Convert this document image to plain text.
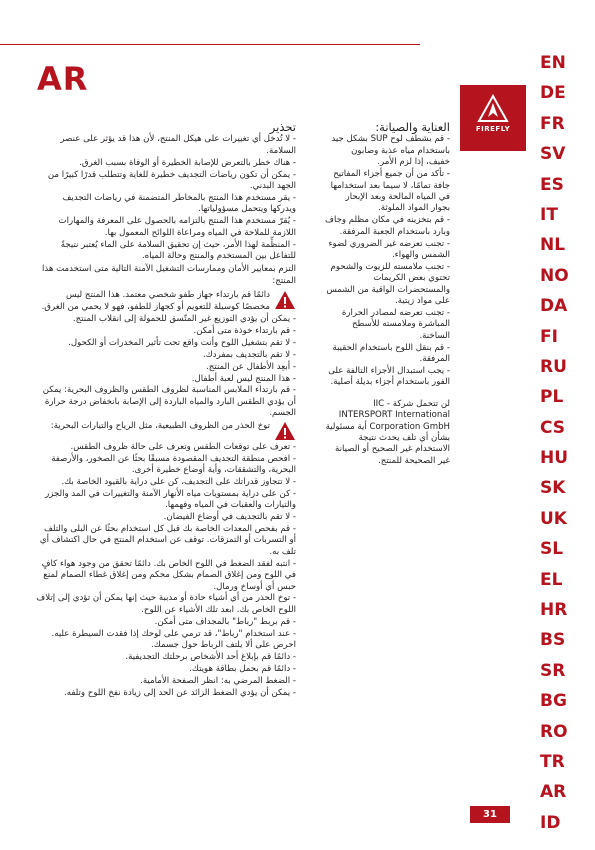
AR	EN
DE
FR
SV
ES
IT
NL
NO
DA
FI
RU
PL
CS
HU
SK
UK
SL
EL
HR
BS
SR
BG
RO
TR
AR
ID
FIREFLY
العناية والصيانة:
- قم بشطف لوح SUP بشكل جيد باستخدام مياه عذبة وصابون خفيف، إذا لزم الأمر.
- تأكد من أن جميع أجزاء المفاتيح جافة تمامًا، لا سيما بعد استخدامها في المياه المالحة وبعد الإبحار بجوار المواد الملوثة.
- قم بتخزينه في مكان مظلم وجاف وبارد باستخدام الجعبة المرفقة.
- تجنب تعرضه غير الضروري لضوء الشمس والهواء.
- تجنب ملامسته للزيوت والشحوم تحتوي بعض الكريمات والمستحضرات الواقية من الشمس على مواد زيتية.
- تجنب تعرضه لمصادر الحرارة المباشرة وملامسته للأسطح الساخنة.
- قم بنقل اللوح باستخدام الحقيبة المرفقة.
- يجب استبدال الأجزاء التالفة على الفور باستخدام أجزاء بديلة أصلية.
لن تتحمل شركة IIC - INTERSPORT International Corporation GmbH أية مسئولية بشأن أي تلف يحدث نتيجة الاستخدام غير الصحيح أو الصيانة غير الصحيحة للمنتج.
تحذير
- لا تُدخل أي تغييرات على هيكل المنتج، لأن هذا قد يؤثر على عنصر السلامة.
- هناك خطر بالتعرض للإصابة الخطيرة أو الوفاة بسبب الغرق.
- يمكن أن تكون رياضات التجديف خطيرة للغاية وتتطلب قدرًا كبيرًا من الجهد البدني.
- يقر مستخدم هذا المنتج بالمخاطر المتضمنة في رياضات التجديف ويدركها ويتحمل مسؤولياتها.
- يُقرّ مستخدم هذا المنتج بالتزامه بالحصول على المعرفة والمهارات اللازمة للملاحة في المياه ومراعاة اللوائح المعمول بها.
- المنظِّمة لهذا الأمر، حيث إن تحقيق السلامة على الماء يُعتبر نتيجةً للتفاعل بين المستخدم والمنتج وحالة المياه.
التزم بمعايير الأمان وممارسات التشغيل الآمنة التالية متى استخدمت هذا المنتج:
دائمًا قم بارتداء جهاز طفو شخصي معتمد. هذا المنتج ليس مخصصًا كوسيلة للتعويم أو كجهاز للطفو، فهو لا يحمي من الغرق.
- يمكن أن يؤدي التوزيع غير المتّسق للحمولة إلى انقلاب المنتج.
- قم بارتداء خوذة متى أمكن.
- لا تقم بتشغيل اللوح وأنت واقع تحت تأثير المخدرات أو الكحول.
- لا تقم بالتجديف بمفردك.
- أبعِد الأطفال عن المنتج.
- هذا المنتج ليس لعبة أطفال.
- قم بارتداء الملابس المناسبة لظروف الطقس والظروف البحرية: يمكن أن يؤدي الطقس البارد والمياه الباردة إلى الإصابة بانخفاض درجة حرارة الجسم.
توخ الحذر من الظروف الطبيعية، مثل الرياح والتيارات البحرية:
- تعرف على توقعات الطقس وتعرف على حالة ظروف الطقس.
- افحص منطقة التجديف المقصودة مسبقًا بحثًا عن الصخور، والأرصفة البحرية، والتشققات، وأية أوضاع خطيرة أخرى.
- لا تتجاوز قدراتك على التجديف، كن على دراية بالقيود الخاصة بك.
- كن على دراية بمستويات مياه الأنهار الآمنة والتغييرات في المد والجزر والتيارات والعقبات في المياه وفهمها.
- لا تقم بالتجديف في أوضاع الفيضان.
- قم بفحص المعدات الخاصة بك قبل كل استخدام بحثًا عن البلى والتلف أو التسربات أو التمزقات. توقف عن استخدام المنتج في حال اكتشاف أي تلف به.
- انتبه لفقد الضغط في اللوح الخاص بك. دائمًا تحقق من وجود هواء كافٍ في اللوح ومن إغلاق الصمام بشكل محكم ومن إغلاق غطاء الصمام لمنع حبس أي أوساخ ورمال.
- توخ الحذر من أي أشياء حادة أو مدببة حيث إنها يمكن أن تؤدي إلى إتلاف اللوح الخاص بك. ابعد تلك الأشياء عن اللوح.
- قم بربط "رباط" بالمجداف متى أمكن.
- عند استخدام "رباط"، قد ترمي على لوحك إذا فقدت السيطرة عليه. احرص على ألا يلتف الرباط حول جسمك.
- دائمًا قم بإبلاغ أحد الأشخاص برحلتك التجديفية.
- دائمًا قم بحمل بطاقة هويتك.
- الضغط المرضي به: انظر الصفحة الأمامية.
- يمكن أن يؤدي الضغط الزائد عن الحد إلى زيادة نفخ اللوح وتلفه.
31
